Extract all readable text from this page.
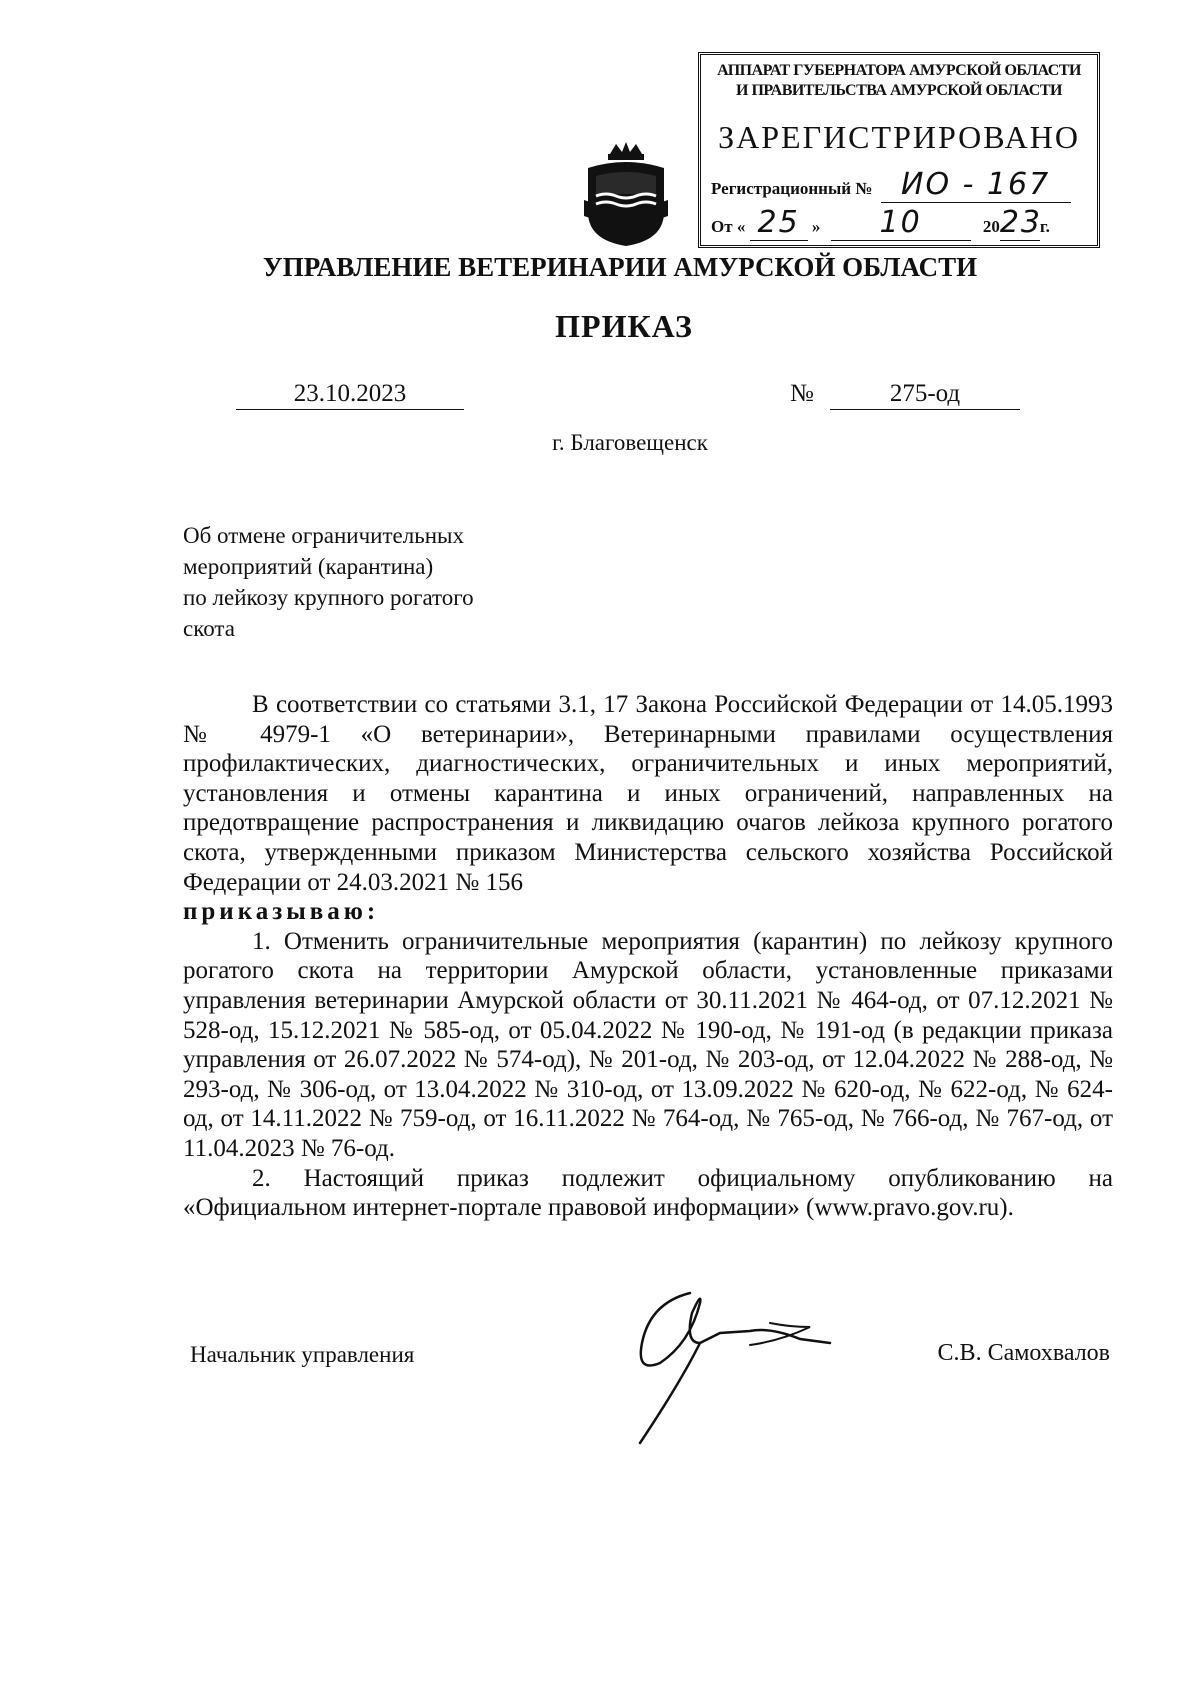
АППАРАТ ГУБЕРНАТОРА АМУРСКОЙ ОБЛАСТИ
И ПРАВИТЕЛЬСТВА АМУРСКОЙ ОБЛАСТИ
ЗАРЕГИСТРИРОВАНО
Регистрационный № ИО - 167
От « 25 » 10	2023г.
УПРАВЛЕНИЕ ВЕТЕРИНАРИИ АМУРСКОЙ ОБЛАСТИ
ПРИКАЗ
23.10.2023	№	275-од
г. Благовещенск
Об отмене ограничительных
мероприятий (карантина)
по лейкозу крупного рогатого
скота
В соответствии со статьями 3.1, 17 Закона Российской Федерации от 14.05.1993 № 4979-1 «О ветеринарии», Ветеринарными правилами осуществления профилактических, диагностических, ограничительных и иных мероприятий, установления и отмены карантина и иных ограничений, направленных на предотвращение распространения и ликвидацию очагов лейкоза крупного рогатого скота, утвержденными приказом Министерства сельского хозяйства Российской Федерации от 24.03.2021 № 156
приказываю:
1. Отменить ограничительные мероприятия (карантин) по лейкозу крупного рогатого скота на территории Амурской области, установленные приказами управления ветеринарии Амурской области от 30.11.2021 № 464-од, от 07.12.2021 № 528-од, 15.12.2021 № 585-од, от 05.04.2022 № 190-од, № 191-од (в редакции приказа управления от 26.07.2022 № 574-од), № 201-од, № 203-од, от 12.04.2022 № 288-од, № 293-од, № 306-од, от 13.04.2022 № 310-од, от 13.09.2022 № 620-од, № 622-од, № 624-од, от 14.11.2022 № 759-од, от 16.11.2022 № 764-од, № 765-од, № 766-од, № 767-од, от 11.04.2023 № 76-од.
2. Настоящий приказ подлежит официальному опубликованию на «Официальном интернет-портале правовой информации» (www.pravo.gov.ru).
Начальник управления	С.В. Самохвалов
